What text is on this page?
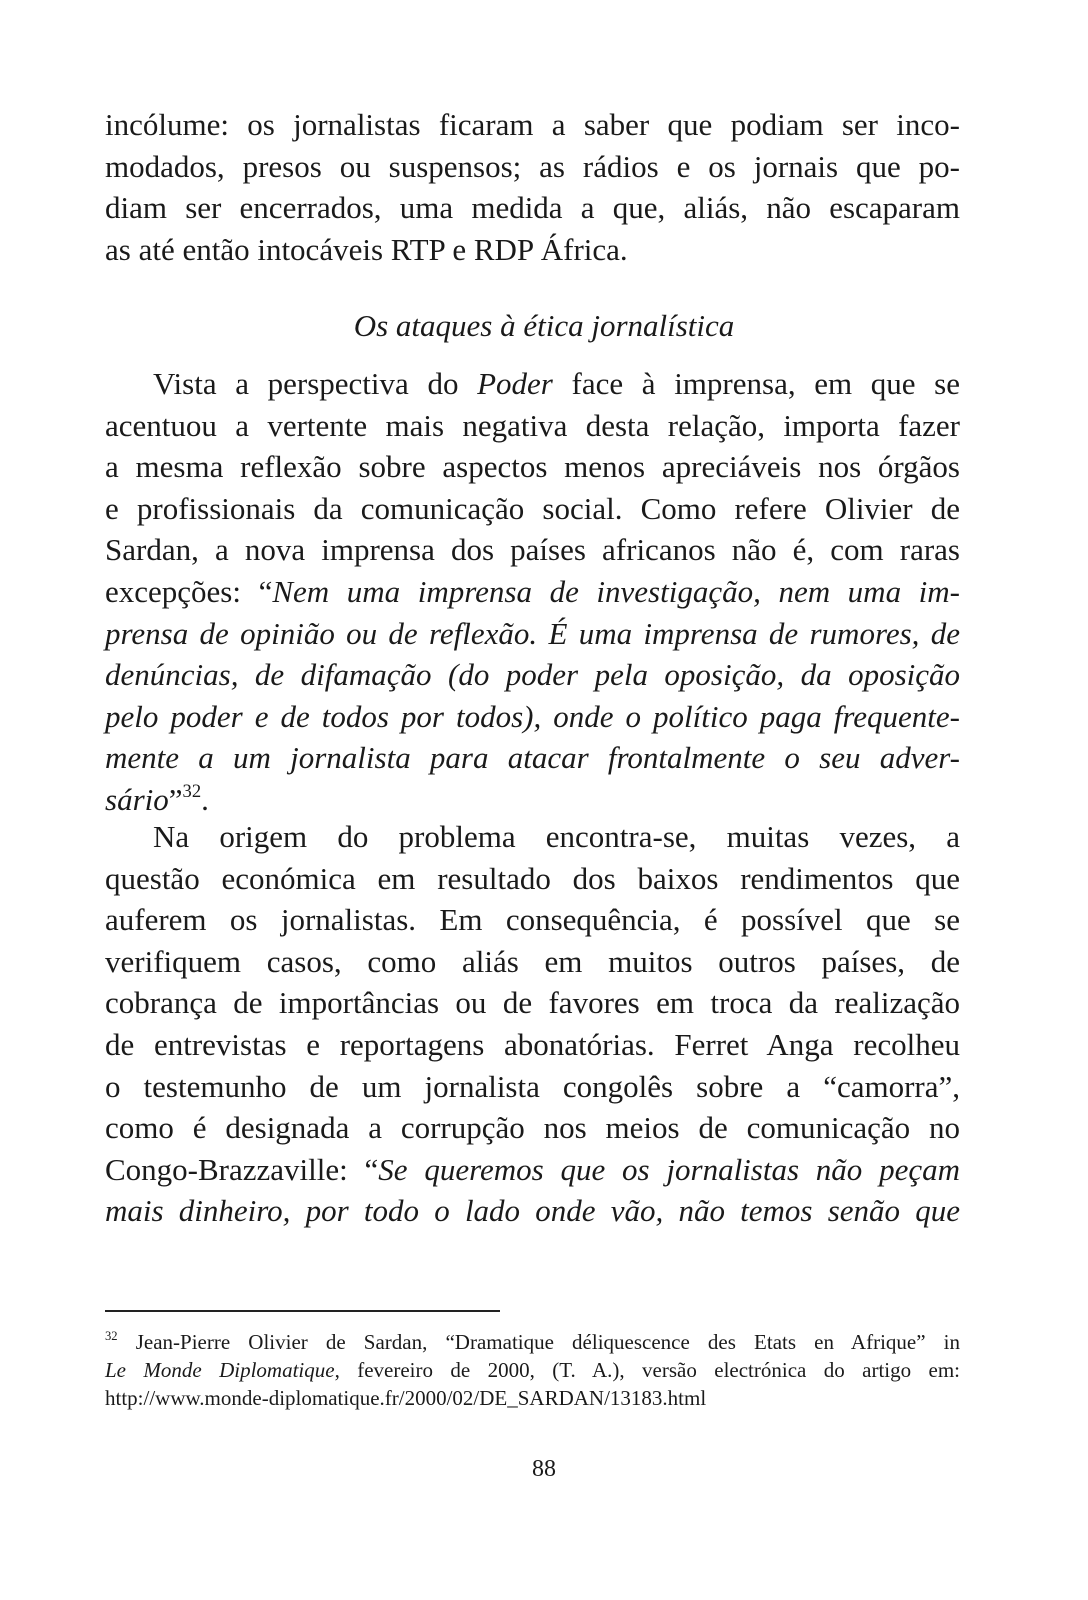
incólume: os jornalistas ficaram a saber que podiam ser inco-
modados, presos ou suspensos; as rádios e os jornais que po-
diam ser encerrados, uma medida a que, aliás, não escaparam
as até então intocáveis RTP e RDP África.
Os ataques à ética jornalística
Vista a perspectiva do Poder face à imprensa, em que se
acentuou a vertente mais negativa desta relação, importa fazer
a mesma reflexão sobre aspectos menos apreciáveis nos órgãos
e profissionais da comunicação social. Como refere Olivier de
Sardan, a nova imprensa dos países africanos não é, com raras
excepções: “Nem uma imprensa de investigação, nem uma im-
prensa de opinião ou de reflexão. É uma imprensa de rumores, de
denúncias, de difamação (do poder pela oposição, da oposição
pelo poder e de todos por todos), onde o político paga frequente-
mente a um jornalista para atacar frontalmente o seu adver-
sário”$^{32}$.
Na origem do problema encontra-se, muitas vezes, a
questão económica em resultado dos baixos rendimentos que
auferem os jornalistas. Em consequência, é possível que se
verifiquem casos, como aliás em muitos outros países, de
cobrança de importâncias ou de favores em troca da realização
de entrevistas e reportagens abonatórias. Ferret Anga recolheu
o testemunho de um jornalista congolês sobre a “camorra”,
como é designada a corrupção nos meios de comunicação no
Congo-Brazzaville: “Se queremos que os jornalistas não peçam
mais dinheiro, por todo o lado onde vão, não temos senão que
$^{32}$ Jean-Pierre Olivier de Sardan, “Dramatique déliquescence des Etats en Afrique” in
Le Monde Diplomatique, fevereiro de 2000, (T. A.), versão electrónica do artigo em:
http://www.monde-diplomatique.fr/2000/02/DE_SARDAN/13183.html
88
